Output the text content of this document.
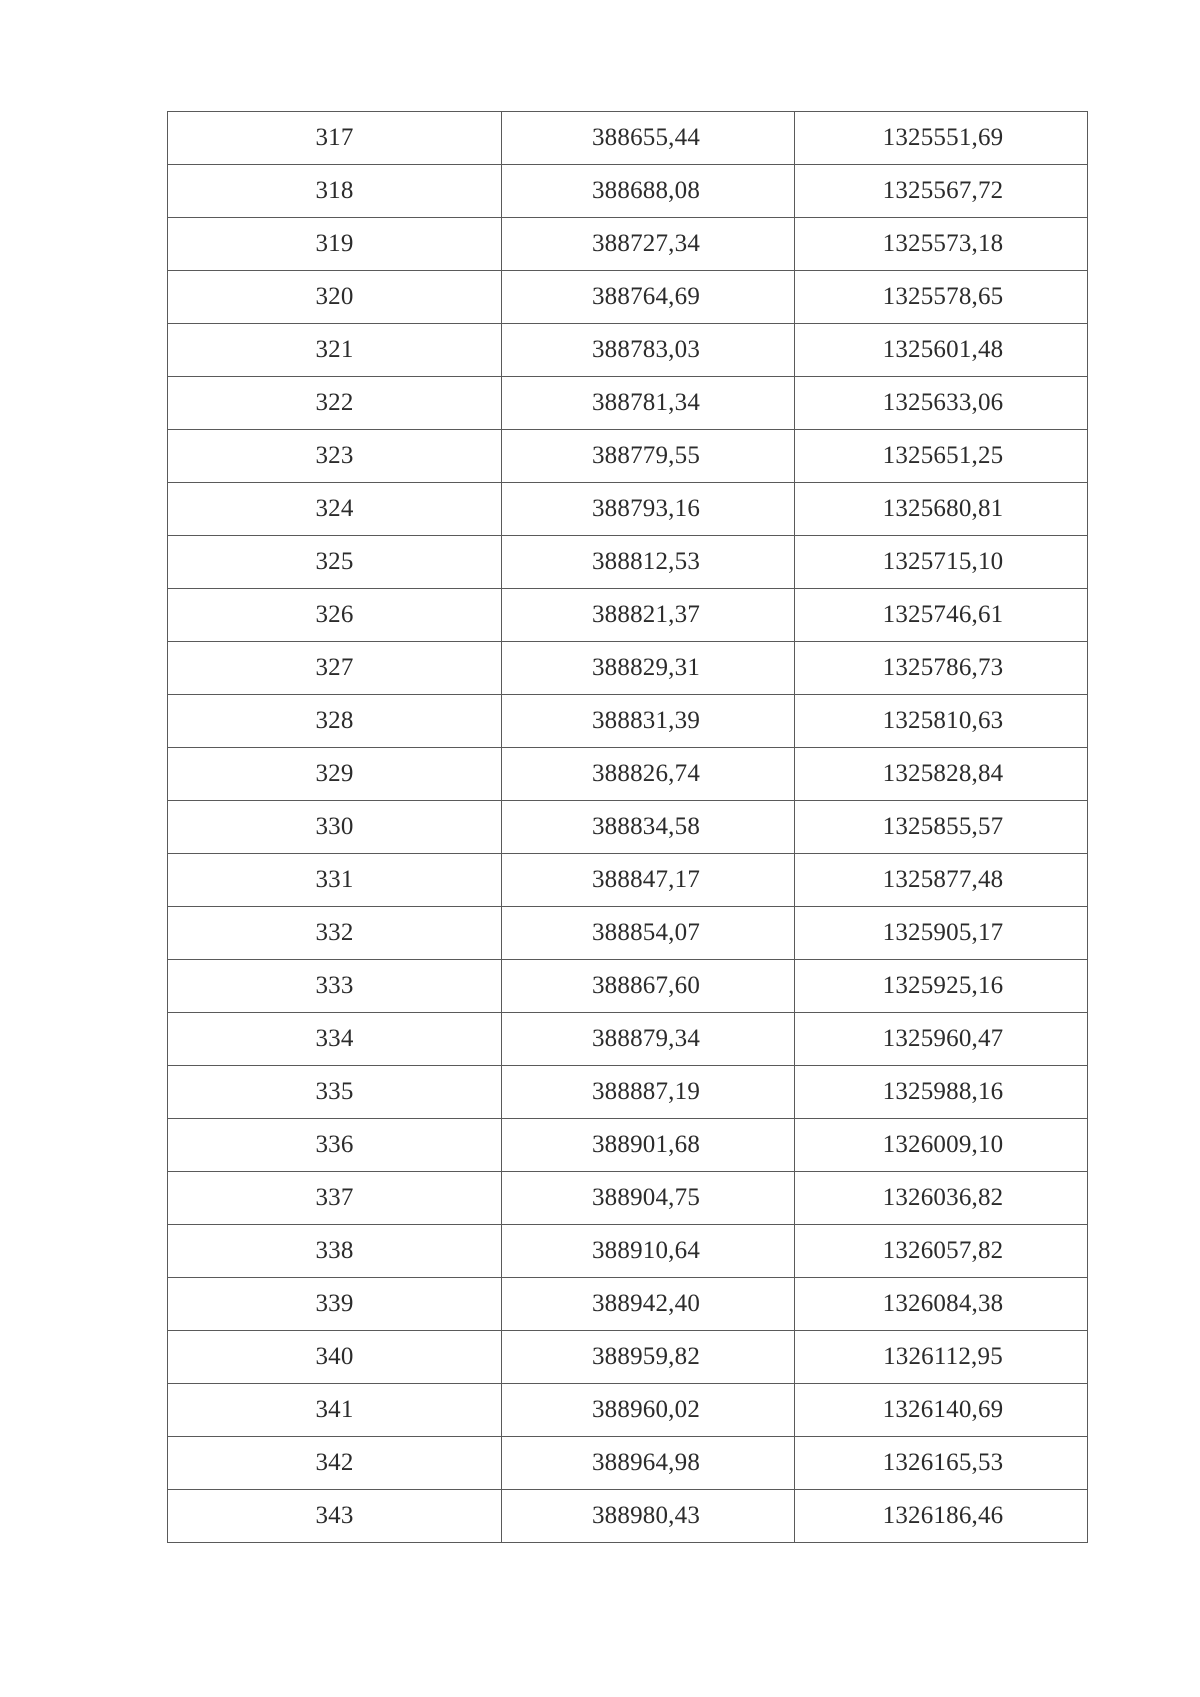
317	388655,44	1325551,69
318	388688,08	1325567,72
319	388727,34	1325573,18
320	388764,69	1325578,65
321	388783,03	1325601,48
322	388781,34	1325633,06
323	388779,55	1325651,25
324	388793,16	1325680,81
325	388812,53	1325715,10
326	388821,37	1325746,61
327	388829,31	1325786,73
328	388831,39	1325810,63
329	388826,74	1325828,84
330	388834,58	1325855,57
331	388847,17	1325877,48
332	388854,07	1325905,17
333	388867,60	1325925,16
334	388879,34	1325960,47
335	388887,19	1325988,16
336	388901,68	1326009,10
337	388904,75	1326036,82
338	388910,64	1326057,82
339	388942,40	1326084,38
340	388959,82	1326112,95
341	388960,02	1326140,69
342	388964,98	1326165,53
343	388980,43	1326186,46
